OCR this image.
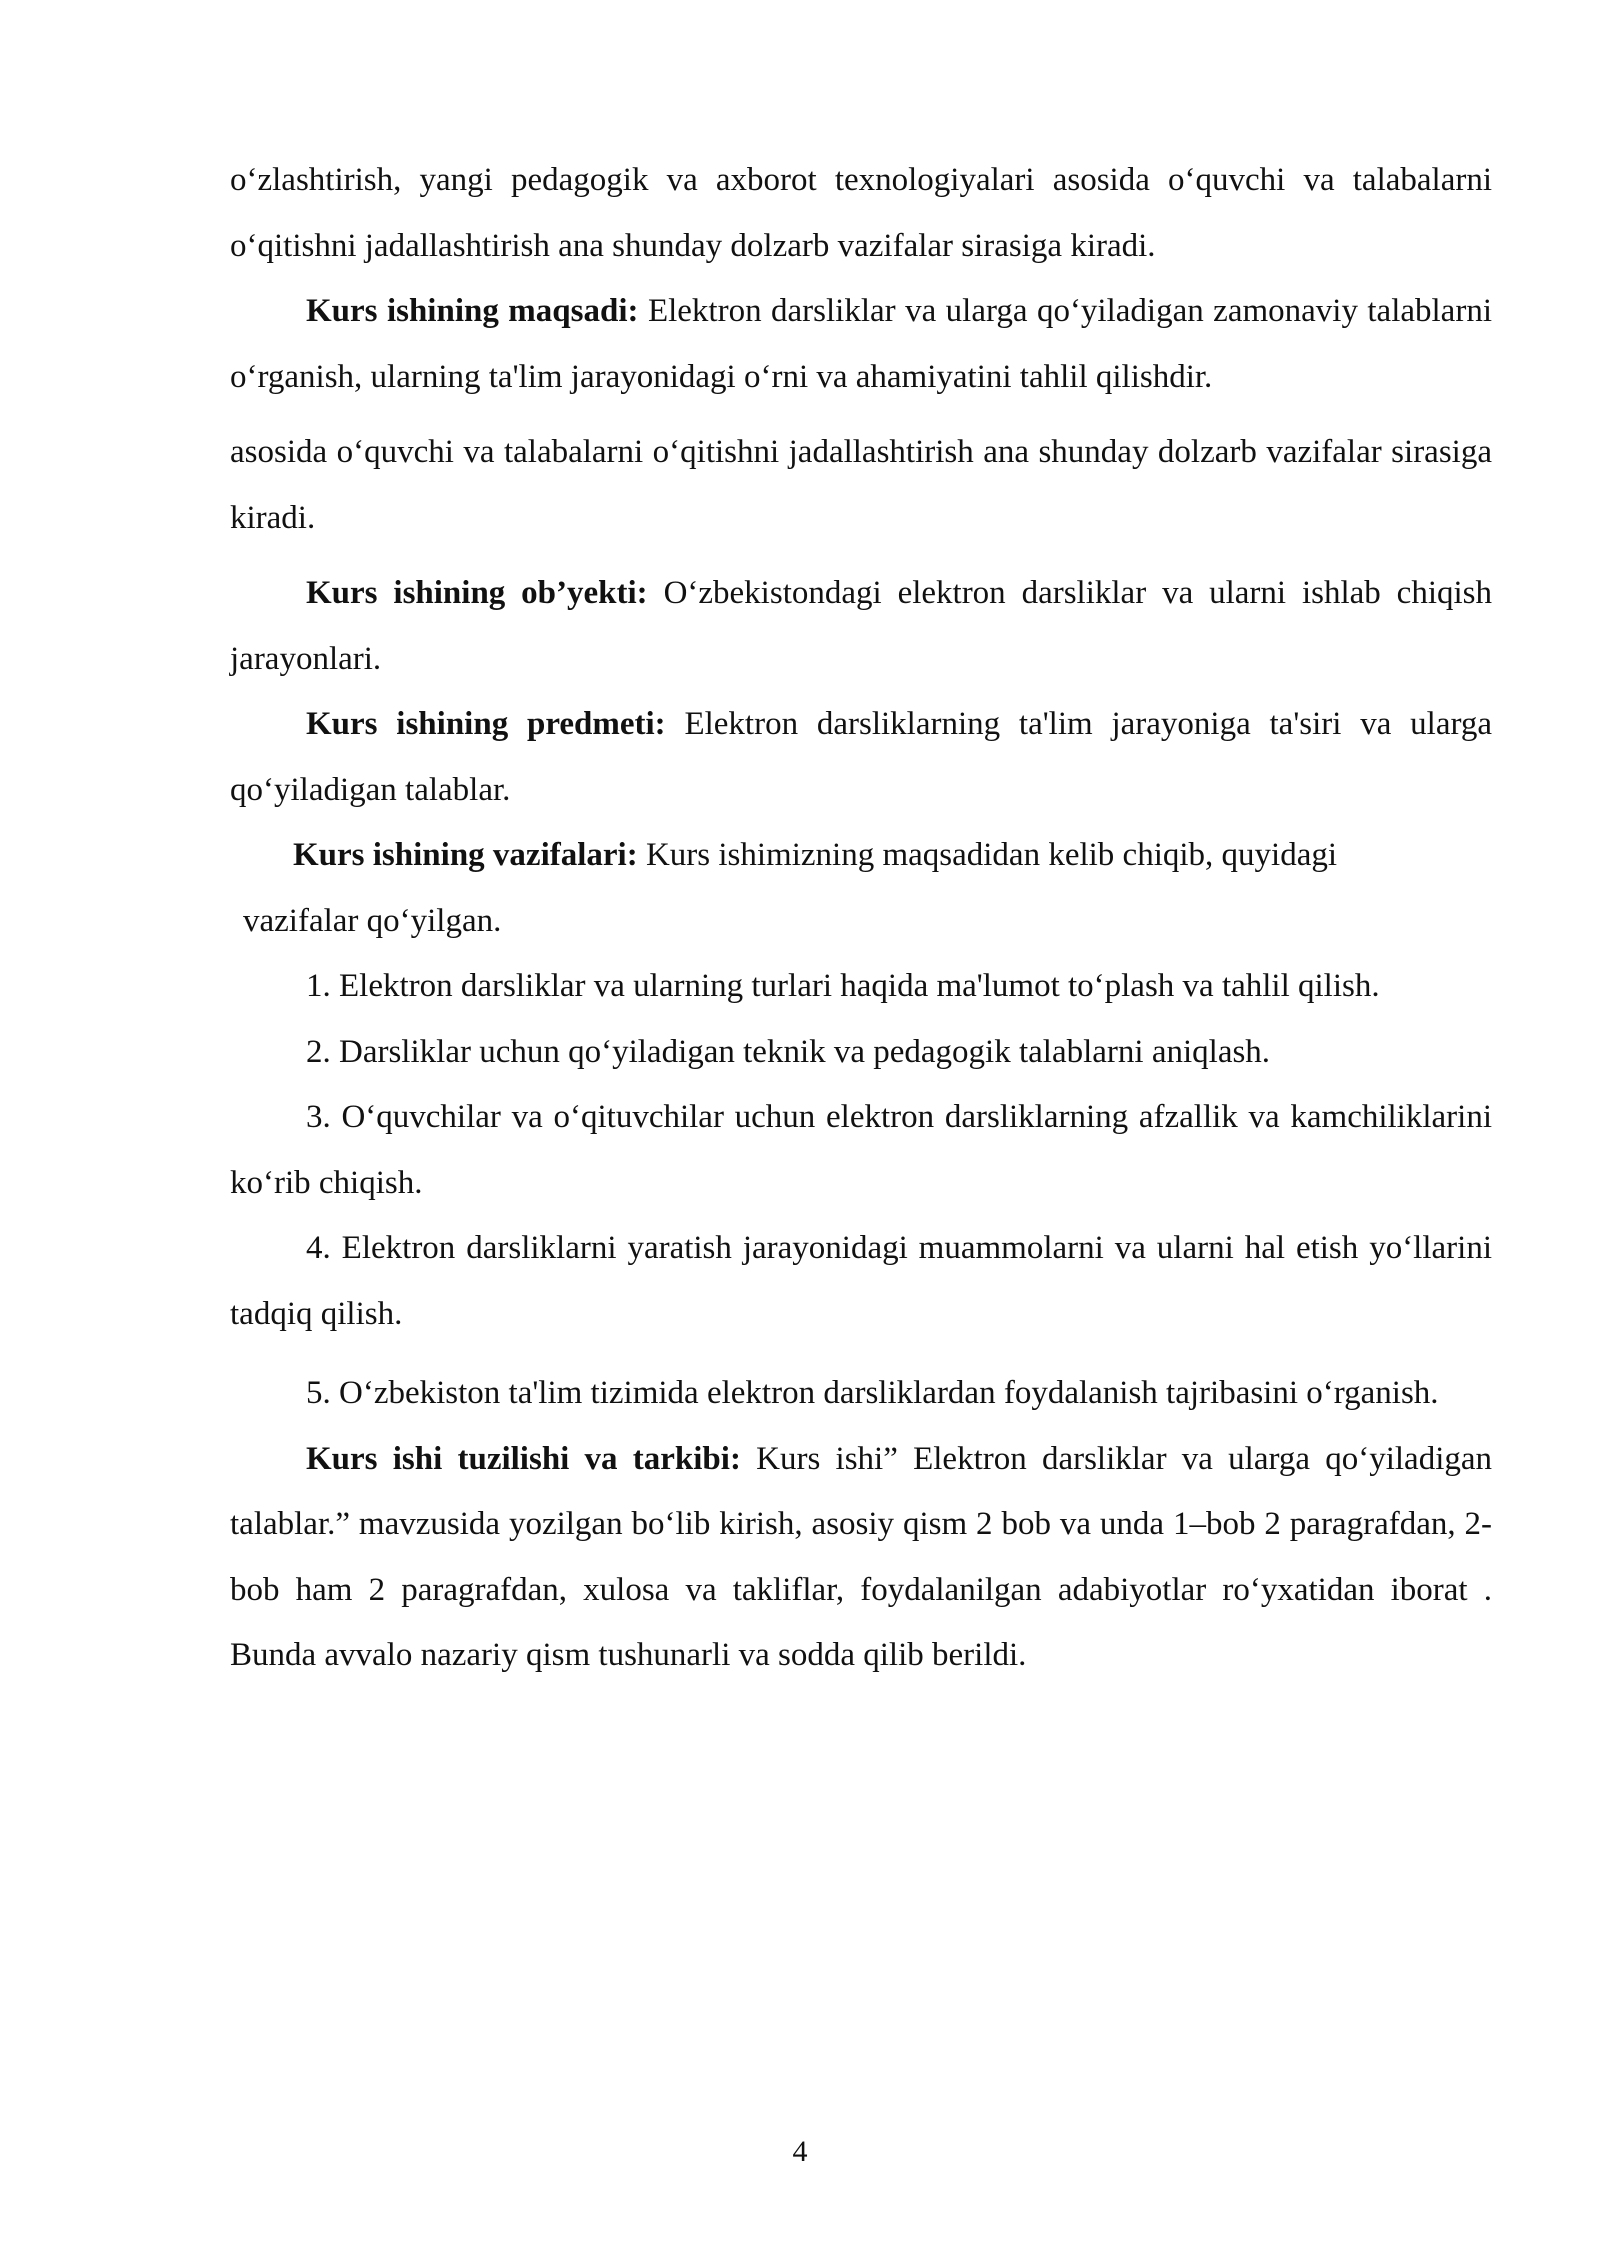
o‘zlashtirish, yangi pedagogik va axborot texnologiyalari asosida o‘quvchi va talabalarni o‘qitishni jadallashtirish ana shunday dolzarb vazifalar sirasiga kiradi.

Kurs ishining maqsadi: Elektron darsliklar va ularga qo‘yiladigan zamonaviy talablarni o‘rganish, ularning ta'lim jarayonidagi o‘rni va ahamiyatini tahlil qilishdir.

asosida o‘quvchi va talabalarni o‘qitishni jadallashtirish ana shunday dolzarb vazifalar sirasiga kiradi.

Kurs ishining ob’yekti: O‘zbekistondagi elektron darsliklar va ularni ishlab chiqish jarayonlari.

Kurs ishining predmeti: Elektron darsliklarning ta'lim jarayoniga ta'siri va ularga qo‘yiladigan talablar.

Kurs ishining vazifalari: Kurs ishimizning maqsadidan kelib chiqib, quyidagi

vazifalar qo‘yilgan.

1. Elektron darsliklar va ularning turlari haqida ma'lumot to‘plash va tahlil qilish.

2. Darsliklar uchun qo‘yiladigan teknik va pedagogik talablarni aniqlash.

3. O‘quvchilar va o‘qituvchilar uchun elektron darsliklarning afzallik va kamchiliklarini ko‘rib chiqish.

4. Elektron darsliklarni yaratish jarayonidagi muammolarni va ularni hal etish yo‘llarini tadqiq qilish.

5. O‘zbekiston ta'lim tizimida elektron darsliklardan foydalanish tajribasini o‘rganish.

Kurs ishi tuzilishi va tarkibi: Kurs ishi” Elektron darsliklar va ularga qo‘yiladigan talablar.” mavzusida yozilgan bo‘lib kirish, asosiy qism 2 bob va unda 1–bob 2 paragrafdan, 2-bob ham 2 paragrafdan, xulosa va takliflar, foydalanilgan adabiyotlar ro‘yxatidan iborat . Bunda avvalo nazariy qism tushunarli va sodda qilib berildi.

4
